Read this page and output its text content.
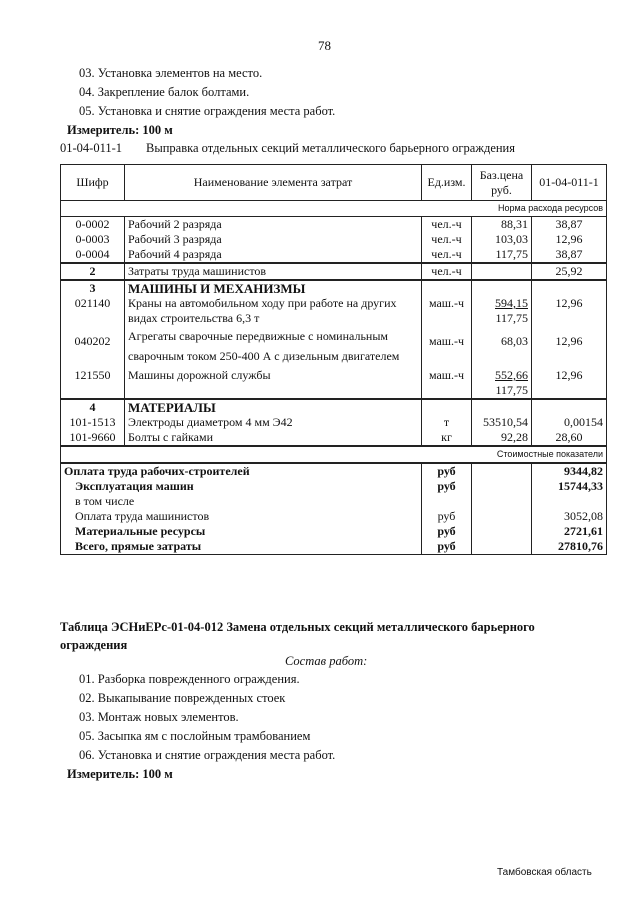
78
03. Установка элементов на место.
04. Закрепление балок болтами.
05. Установка и снятие ограждения места работ.
Измеритель: 100 м
01-04-011-1 Выправка отдельных секций металлического барьерного ограждения
Шифр	Наименование элемента затрат	Ед.изм.	Баз.цена руб.	01-04-011-1
Норма расхода ресурсов				
0-0002	Рабочий 2 разряда	чел.-ч	88,31	38,87
0-0003	Рабочий 3 разряда	чел.-ч	103,03	12,96
0-0004	Рабочий 4 разряда	чел.-ч	117,75	38,87
2	Затраты труда машинистов	чел.-ч		25,92
3	МАШИНЫ И МЕХАНИЗМЫ			
021140	Краны на автомобильном ходу при работе на других	маш.-ч	594,15	12,96
	видах строительства 6,3 т		117,75	
040202	Агрегаты сварочные передвижные с номинальным	маш.-ч	68,03	12,96
	сварочным током 250-400 А с дизельным двигателем			
121550	Машины дорожной службы	маш.-ч	552,66	12,96
			117,75	
4	МАТЕРИАЛЫ			
101-1513	Электроды диаметром 4 мм Э42	т	53510,54	0,00154
101-9660	Болты с гайками	кг	92,28	28,60
Стоимостные показатели				
Оплата труда рабочих-строителей		руб		9344,82
Эксплуатация машин		руб		15744,33
в том числе				
Оплата труда машинистов		руб		3052,08
Материальные ресурсы		руб		2721,61
Всего, прямые затраты		руб		27810,76
Таблица ЭСНиЕРс-01-04-012 Замена отдельных секций металлического барьерного
ограждения
Состав работ:
01. Разборка поврежденного ограждения.
02. Выкапывание поврежденных стоек
03. Монтаж новых элементов.
05. Засыпка ям с послойным трамбованием
06. Установка и снятие ограждения места работ.
Измеритель: 100 м
Тамбовская область
